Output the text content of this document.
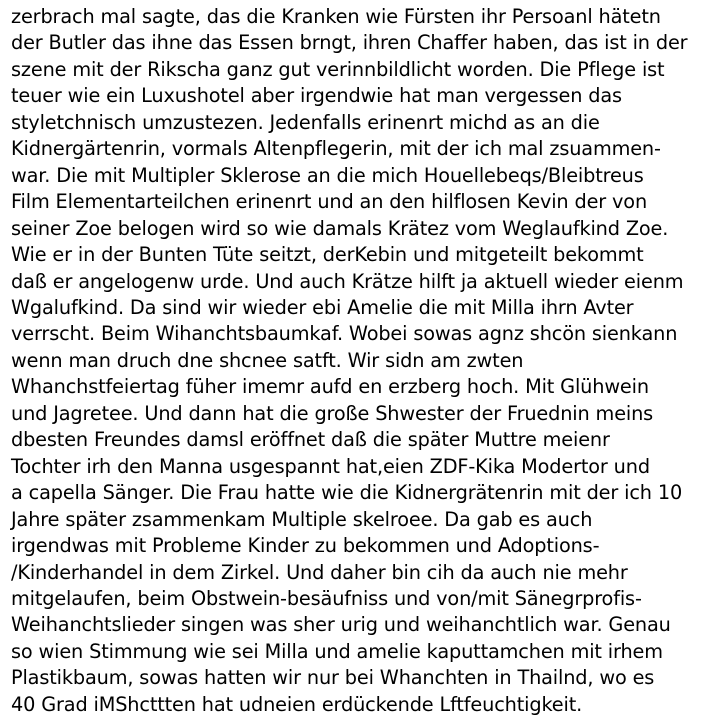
zerbrach mal sagte, das die Kranken wie Fürsten ihr Persoanl hätetn
der Butler das ihne das Essen brngt, ihren Chaffer haben, das ist in der
szene mit der Rikscha ganz gut verinnbildlicht worden. Die Pflege ist
teuer wie ein Luxushotel aber irgendwie hat man vergessen das
styletchnisch umzustezen. Jedenfalls erinenrt michd as an die
Kidnergärtenrin, vormals Altenpflegerin, mit der ich mal zsuammen-
war. Die mit Multipler Sklerose an die mich Houellebeqs/Bleibtreus
Film Elementarteilchen erinenrt und an den hilflosen Kevin der von
seiner Zoe belogen wird so wie damals Krätez vom Weglaufkind Zoe.
Wie er in der Bunten Tüte seitzt, derKebin und mitgeteilt bekommt
daß er angelogenw urde. Und auch Krätze hilft ja aktuell wieder eienm
Wgalufkind. Da sind wir wieder ebi Amelie die mit Milla ihrn Avter
verrscht. Beim Wihanchtsbaumkaf. Wobei sowas agnz shcön sienkann
wenn man druch dne shcnee satft. Wir sidn am zwten
Whanchstfeiertag füher imemr aufd en erzberg hoch. Mit Glühwein
und Jagretee. Und dann hat die große Shwester der Fruednin meins
dbesten Freundes damsl eröffnet daß die später Muttre meienr
Tochter irh den Manna usgespannt hat,eien ZDF-Kika Modertor und
a capella Sänger. Die Frau hatte wie die Kidnergrätenrin mit der ich 10
Jahre später zsammenkam Multiple skelroee. Da gab es auch
irgendwas mit Probleme Kinder zu bekommen und Adoptions-
/Kinderhandel in dem Zirkel. Und daher bin cih da auch nie mehr
mitgelaufen, beim Obstwein-besäufniss und von/mit Sänegrprofis-
Weihanchtslieder singen was sher urig und weihanchtlich war. Genau
so wien Stimmung wie sei Milla und amelie kaputtamchen mit irhem
Plastikbaum, sowas hatten wir nur bei Whanchten in Thailnd, wo es
40 Grad iMShcttten hat udneien erdückende Lftfeuchtigkeit.
